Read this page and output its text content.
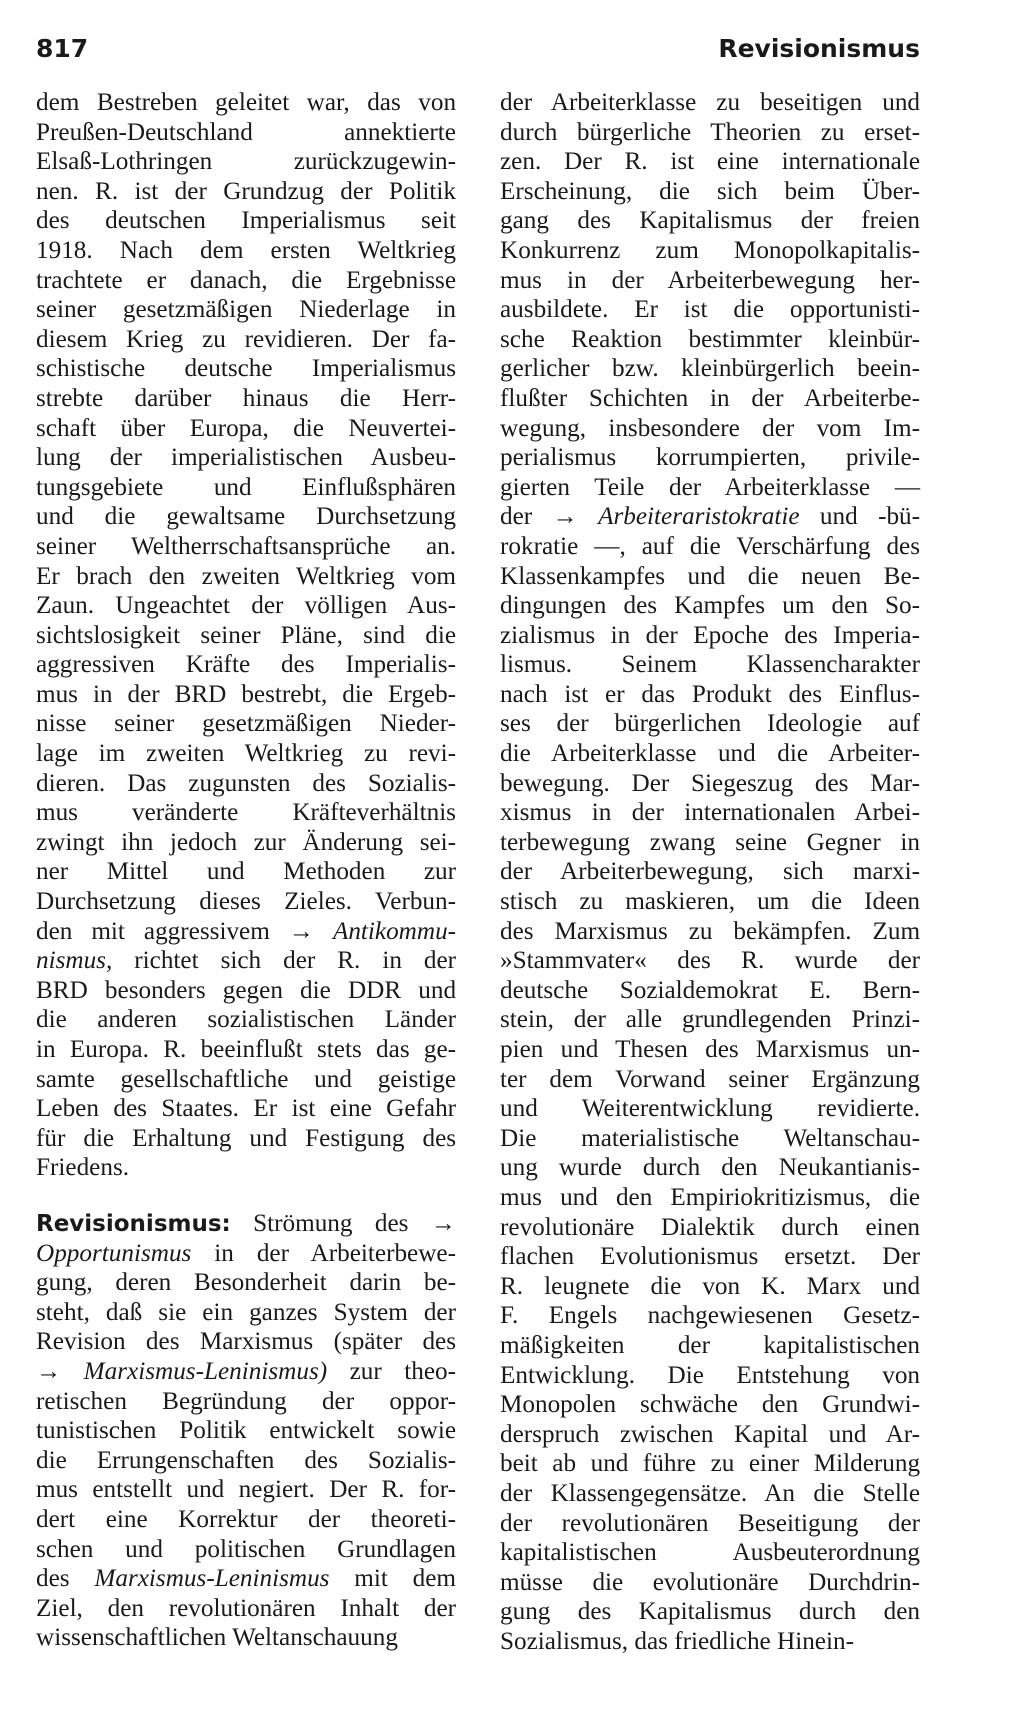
817	Revisionismus
dem Bestreben geleitet war, das von
Preußen-Deutschland	annektierte
Elsaß-Lothringen	zurückzugewin-
nen. R. ist der Grundzug der Politik
des deutschen Imperialismus seit
1918. Nach dem ersten Weltkrieg
trachtete er danach, die Ergebnisse
seiner gesetzmäßigen Niederlage in
diesem Krieg zu revidieren. Der fa-
schistische deutsche Imperialismus
strebte darüber hinaus die Herr-
schaft über Europa, die Neuvertei-
lung der imperialistischen Ausbeu-
tungsgebiete und Einflußsphären
und die gewaltsame Durchsetzung
seiner Weltherrschaftsansprüche an.
Er brach den zweiten Weltkrieg vom
Zaun. Ungeachtet der völligen Aus-
sichtslosigkeit seiner Pläne, sind die
aggressiven Kräfte des Imperialis-
mus in der BRD bestrebt, die Ergeb-
nisse seiner gesetzmäßigen Nieder-
lage im zweiten Weltkrieg zu revi-
dieren. Das zugunsten des Sozialis-
mus veränderte Kräfteverhältnis
zwingt ihn jedoch zur Änderung sei-
ner Mittel und Methoden zur
Durchsetzung dieses Zieles. Verbun-
den mit aggressivem → Antikommu-
nismus, richtet sich der R. in der
BRD besonders gegen die DDR und
die anderen sozialistischen Länder
in Europa. R. beeinflußt stets das ge-
samte gesellschaftliche und geistige
Leben des Staates. Er ist eine Gefahr
für die Erhaltung und Festigung des
Friedens.
Revisionismus: Strömung des →
Opportunismus in der Arbeiterbewe-
gung, deren Besonderheit darin be-
steht, daß sie ein ganzes System der
Revision des Marxismus (später des
→ Marxismus-Leninismus) zur theo-
retischen Begründung der oppor-
tunistischen Politik entwickelt sowie
die Errungenschaften des Sozialis-
mus entstellt und negiert. Der R. for-
dert eine Korrektur der theoreti-
schen und politischen Grundlagen
des Marxismus-Leninismus mit dem
Ziel, den revolutionären Inhalt der
wissenschaftlichen Weltanschauung
der Arbeiterklasse zu beseitigen und
durch bürgerliche Theorien zu erset-
zen. Der R. ist eine internationale
Erscheinung, die sich beim Über-
gang des Kapitalismus der freien
Konkurrenz zum Monopolkapitalis-
mus in der Arbeiterbewegung her-
ausbildete. Er ist die opportunisti-
sche Reaktion bestimmter kleinbür-
gerlicher bzw. kleinbürgerlich beein-
flußter Schichten in der Arbeiterbe-
wegung, insbesondere der vom Im-
perialismus korrumpierten, privile-
gierten Teile der Arbeiterklasse —
der → Arbeiteraristokratie und -bü-
rokratie —, auf die Verschärfung des
Klassenkampfes und die neuen Be-
dingungen des Kampfes um den So-
zialismus in der Epoche des Imperia-
lismus. Seinem Klassencharakter
nach ist er das Produkt des Einflus-
ses der bürgerlichen Ideologie auf
die Arbeiterklasse und die Arbeiter-
bewegung. Der Siegeszug des Mar-
xismus in der internationalen Arbei-
terbewegung zwang seine Gegner in
der Arbeiterbewegung, sich marxi-
stisch zu maskieren, um die Ideen
des Marxismus zu bekämpfen. Zum
»Stammvater« des R. wurde der
deutsche Sozialdemokrat E. Bern-
stein, der alle grundlegenden Prinzi-
pien und Thesen des Marxismus un-
ter dem Vorwand seiner Ergänzung
und Weiterentwicklung revidierte.
Die materialistische Weltanschau-
ung wurde durch den Neukantianis-
mus und den Empiriokritizismus, die
revolutionäre Dialektik durch einen
flachen Evolutionismus ersetzt. Der
R. leugnete die von K. Marx und
F. Engels nachgewiesenen Gesetz-
mäßigkeiten der kapitalistischen
Entwicklung. Die Entstehung von
Monopolen schwäche den Grundwi-
derspruch zwischen Kapital und Ar-
beit ab und führe zu einer Milderung
der Klassengegensätze. An die Stelle
der revolutionären Beseitigung der
kapitalistischen	Ausbeuterordnung
müsse die evolutionäre Durchdrin-
gung des Kapitalismus durch den
Sozialismus, das friedliche Hinein-
